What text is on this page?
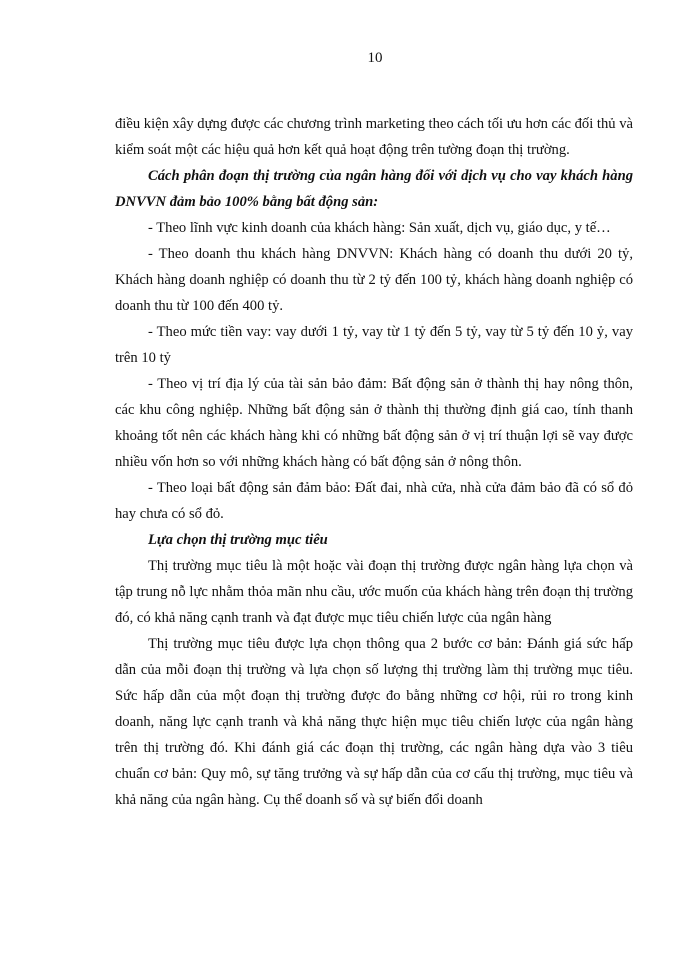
10

điều kiện xây dựng được các chương trình marketing theo cách tối ưu hơn các đối thủ và kiểm soát một các hiệu quả hơn kết quả hoạt động trên tường đoạn thị trường.

Cách phân đoạn thị trường của ngân hàng đối với dịch vụ cho vay khách hàng DNVVN đảm bảo 100% bằng bất động sản:

- Theo lĩnh vực kinh doanh của khách hàng: Sản xuất, dịch vụ, giáo dục, y tế…

- Theo doanh thu khách hàng DNVVN: Khách hàng có doanh thu dưới 20 tỷ, Khách hàng doanh nghiệp có doanh thu từ 2 tỷ đến 100 tỷ, khách hàng doanh nghiệp có doanh thu từ 100 đến 400 tỷ.

- Theo mức tiền vay: vay dưới 1 tỷ, vay từ 1 tỷ đến 5 tỷ, vay từ 5 tỷ đến 10 ỷ, vay trên 10 tỷ

- Theo vị trí địa lý của tài sản bảo đảm: Bất động sản ở thành thị hay nông thôn, các khu công nghiệp. Những bất động sản ở thành thị thường định giá cao, tính thanh khoảng tốt nên các khách hàng khi có những bất động sản ở vị trí thuận lợi sẽ vay được nhiều vốn hơn so với những khách hàng có bất động sản ở nông thôn.

- Theo loại bất động sản đảm bảo: Đất đai, nhà cửa, nhà cửa đảm bảo đã có sổ đỏ hay chưa có sổ đỏ.

Lựa chọn thị trường mục tiêu

Thị trường mục tiêu là một hoặc vài đoạn thị trường được ngân hàng lựa chọn và tập trung nỗ lực nhằm thỏa mãn nhu cầu, ước muốn của khách hàng trên đoạn thị trường đó, có khả năng cạnh tranh và đạt được mục tiêu chiến lược của ngân hàng

Thị trường mục tiêu được lựa chọn thông qua 2 bước cơ bản: Đánh giá sức hấp dẫn của mỗi đoạn thị trường và lựa chọn số lượng thị trường làm thị trường mục tiêu. Sức hấp dẫn của một đoạn thị trường được đo bằng những cơ hội, rủi ro trong kinh doanh, năng lực cạnh tranh và khả năng thực hiện mục tiêu chiến lược của ngân hàng trên thị trường đó. Khi đánh giá các đoạn thị trường, các ngân hàng dựa vào 3 tiêu chuẩn cơ bản: Quy mô, sự tăng trưởng và sự hấp dẫn của cơ cấu thị trường, mục tiêu và khả năng của ngân hàng. Cụ thể doanh số và sự biến đổi doanh
